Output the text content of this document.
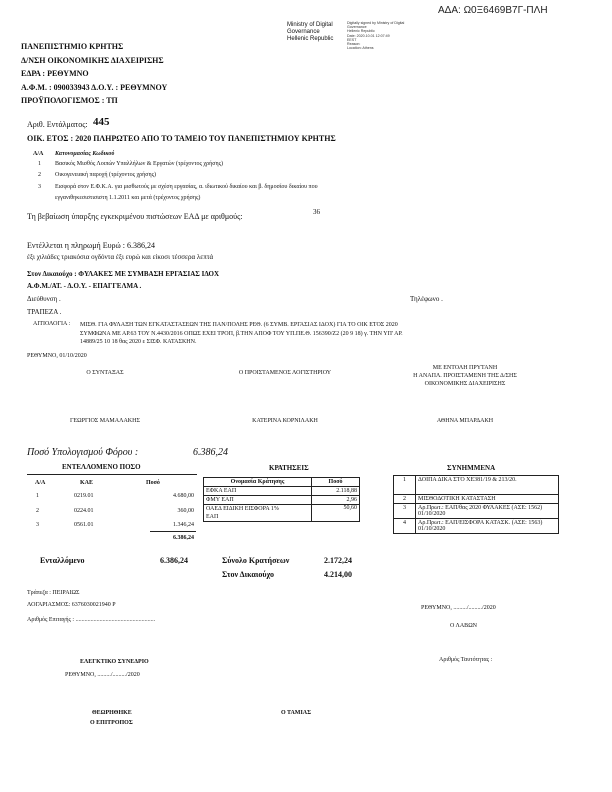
ΑΔΑ: Ω0Ξ6469Β7Γ-ΠΛΗ
Ministry of Digital
Governance
Hellenic Republic
Digitally signed by Ministry of Digital
Governance
Hellenic Republic
Date: 2020.10.01 12:07:49
EEST
Reason:
Location: Athens
ΠΑΝΕΠΙΣΤΗΜΙΟ ΚΡΗΤΗΣ
Δ/ΝΣΗ ΟΙΚΟΝΟΜΙΚΗΣ ΔΙΑΧΕΙΡΙΣΗΣ
ΕΔΡΑ : ΡΕΘΥΜΝΟ
Α.Φ.Μ. : 090033943 Δ.Ο.Υ. : ΡΕΘΥΜΝΟΥ
ΠΡΟΫΠΟΛΟΓΙΣΜΟΣ : ΤΠ
Αριθ. Εντάλματος: 445
ΟΙΚ. ΕΤΟΣ : 2020 ΠΛΗΡΩΤΕΟ ΑΠΟ ΤΟ ΤΑΜΕΙΟ ΤΟΥ ΠΑΝΕΠΙΣΤΗΜΙΟΥ ΚΡΗΤΗΣ
Α/Α Κατονομασίας Κωδικού
1 Βασικός Μισθός Λοιπών Υπαλλήλων & Εργατών (τρέχοντος χρήσης)
2 Οικογενειακή παροχή (τρέχοντος χρήσης)
3 Εισφορά στον Ε.Φ.Κ.Α. για μισθωτούς με σχέση εργασίας, α. ιδιωτικού δικαίου και β. δημοσίου δικαίου που
εγγανιθηκεσιστισιστη 1.1.2011 και μετά (τρέχοντος χρήσης)
Τη βεβαίωση ύπαρξης εγκεκριμένου πιστώσεων ΕΑΔ με αριθμούς:	36
Εντέλλεται η πληρωμή Ευρώ : 6.386,24
έξι χιλιάδες τριακόσια ογδόντα έξι ευρώ και είκοσι τέσσερα λεπτά
Στον Δικαιούχο : ΦΥΛΑΚΕΣ ΜΕ ΣΥΜΒΑΣΗ ΕΡΓΑΣΙΑΣ ΙΔΟΧ
Α.Φ.Μ./ΑΤ. - Δ.Ο.Υ. - ΕΠΑΓΓΕΛΜΑ .
Διεύθυνση .	Τηλέφωνο .
ΤΡΑΠΕΖΑ .
ΑΙΤΙΟΛΟΓΙΑ : ΜΙΣΘ. ΓΙΑ ΦΥΛΑΞΗ ΤΩΝ ΕΓΚΑΤΑΣΤΑΣΕΩΝ ΤΗΣ ΠΑΝ/ΠΟΛΗΣ ΡΕΘ. (6 ΣΥΜΒ. ΕΡΓΑΣΙΑΣ ΙΔΟΧ) ΓΙΑ ΤΟ ΟΙΚ ΕΤΟΣ 2020
ΣΥΜΦΩΝΑ ΜΕ ΑΡ.63 ΤΟΥ Ν.4430/2016 ΟΠΩΣ ΕΧΕΙ ΤΡΟΠ, β.ΤΗΝ ΑΠΟΦ ΤΟΥ ΥΠ.ΠΕ.Θ. 156390/Ζ2 (20 9 18) γ. ΤΗΝ ΥΠ' ΑΡ.
14889/25 10 18 θας 2020 ε ΣΙΣΦ. ΚΑΤΑΣΚΗΝ.
ΡΕΘΥΜΝΟ, 01/10/2020
Ο ΣΥΝΤΑΞΑΣ	Ο ΠΡΟΙΣΤΑΜΕΝΟΣ ΛΟΓΙΣΤΗΡΙΟΥ
ΜΕ ΕΝΤΟΛΗ ΠΡΥΤΑΝΗ
Η ΑΝΑΠΛ. ΠΡΟΙΣΤΑΜΕΝΗ ΤΗΣ Δ/ΣΗΣ
ΟΙΚΟΝΟΜΙΚΗΣ ΔΙΑΧΕΙΡΙΣΗΣ
ΓΕΩΡΓΙΟΣ ΜΑΜΑΛΑΚΗΣ	ΚΑΤΕΡΙΝΑ ΚΟΡΝΙΛΑΚΗ	ΑΘΗΝΑ ΜΠΑΡΔΑΚΗ
Ποσό Υπολογισμού Φόρου :	6.386,24
ΕΝΤΕΛΛΟΜΕΝΟ ΠΟΣΟ
Α/Α	ΚΑΕ	Ποσό
1	0219.01	4.680,00
2	0224.01	360,00
3	0561.01	1.346,24
6.386,24
ΚΡΑΤΗΣΕΙΣ
Ονομασία Κράτησης	Ποσό
ΕΦΚΑ ΕΑΠ	2.118,88
ΦΜΥ ΕΑΠ	2,96

ΟΑΕΔ ΕΙΔΙΚΗ ΕΙΣΦΟΡΑ 1%
ΕΑΠ	50,60
ΣΥΝΗΜΜΕΝΑ
1	ΔΟΙΠΑ ΔΙΚΑ ΣΤΟ ΧΕ381/19 & 213/20.
2	ΜΙΣΘΟΔΟΤΙΚΗ ΚΑΤΑΣΤΑΣΗ
3	Αρ.Πρωτ.: ΕΑΠ/θας 2020 ΦΥΛΑΚΕΣ (ΑΣΕ: 1562) 01/10/2020
4	Αρ.Πρωτ.: ΕΑΠ/ΕΙΣΦΟΡΑ ΚΑΤΑΣΚ. (ΑΣΕ: 1563) 01/10/2020
Ενταλλόμενο	6.386,24	Σύνολο Κρατήσεων	2.172,24
Στον Δικαιούχο	4.214,00
Τράπεζα : ΠΕΙΡΑΙΩΣ
ΛΟΓΑΡΙΑΣΜΟΣ: 6376030021940 P
Αριθμός Επιταγής : .....................................................
ΡΕΘΥΜΝΟ, ........./........./2020
Ο ΛΑΒΩΝ
ΕΛΕΓΚΤΙΚΟ ΣΥΝΕΔΡΙΟ
ΡΕΘΥΜΝΟ, ........./........./2020
Αριθμός Ταυτότητας :
ΘΕΩΡΗΘΗΚΕ
Ο ΕΠΙΤΡΟΠΟΣ
Ο ΤΑΜΙΑΣ
